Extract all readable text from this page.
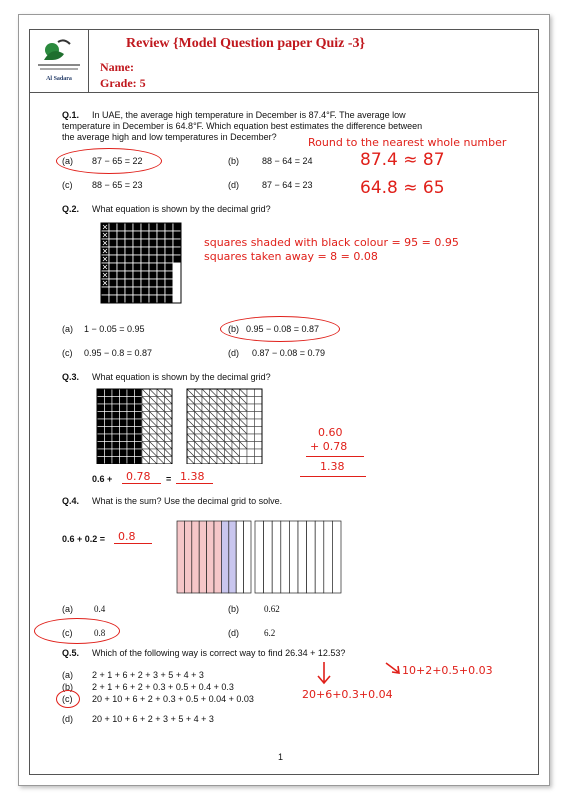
Al Sadara
Review {Model Question paper Quiz -3}
Name:
Grade: 5
Q.1. In UAE, the average high temperature in December is 87.4°F. The average low
temperature in December is 64.8°F. Which equation best estimates the difference between
the average high and low temperatures in December?	Round to the nearest whole number
87.4 ≈ 87
64.8 ≈ 65
(a) 87 − 65 = 22	(b)	88 − 64 = 24
(c) 88 − 65 = 23	(d)	87 − 64 = 23
Q.2. What equation is shown by the decimal grid?
squares shaded with black colour = 95 = 0.95
squares taken away = 8 = 0.08
(a) 1 − 0.05 = 0.95	(b) 0.95 − 0.08 = 0.87
(c) 0.95 − 0.8 = 0.87	(d) 0.87 − 0.08 = 0.79
Q.3. What equation is shown by the decimal grid?
0.60
+ 0.78
1.38
0.6 +	0.78	= 1.38
Q.4. What is the sum? Use the decimal grid to solve.
0.6 + 0.2 =	0.8
(a) 0.4	(b)	0.62
(c) 0.8	(d)	6.2
Q.5. Which of the following way is correct way to find 26.34 + 12.53?
10+2+0.5+0.03
20+6+0.3+0.04
(a) 2 + 1 + 6 + 2 + 3 + 5 + 4 + 3
(b) 2 + 1 + 6 + 2 + 0.3 + 0.5 + 0.4 + 0.3
(c) 20 + 10 + 6 + 2 + 0.3 + 0.5 + 0.04 + 0.03
(d) 20 + 10 + 6 + 2 + 3 + 5 + 4 + 3
1
